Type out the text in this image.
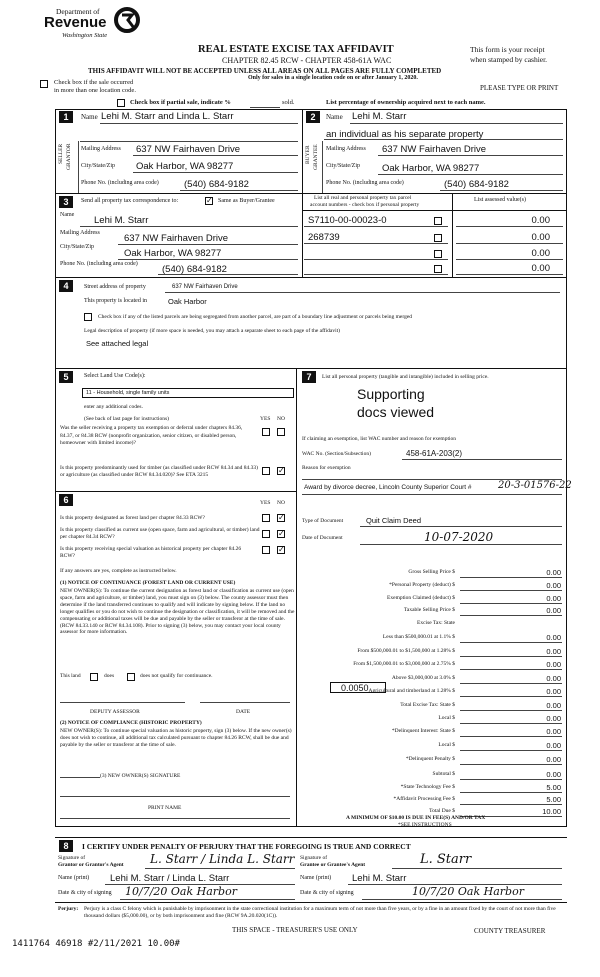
Department of
Revenue
Washington State
REAL ESTATE EXCISE TAX AFFIDAVIT
CHAPTER 82.45 RCW - CHAPTER 458-61A WAC
THIS AFFIDAVIT WILL NOT BE ACCEPTED UNLESS ALL AREAS ON ALL PAGES ARE FULLY COMPLETED
Only for sales in a single location code on or after January 1, 2020.
This form is your receipt
when stamped by cashier.
PLEASE TYPE OR PRINT
Check box if the sale occurred
in more than one location code.
Check box if partial sale, indicate %	sold.	List percentage of ownership acquired next to each name.
1	Name Lehi M. Starr and Linda L. Starr
SELLER GRANTOR Mailing Address 637 NW Fairhaven Drive
City/State/Zip Oak Harbor, WA 98277
Phone No. (including area code)	(540) 684-9182
2	Name Lehi M. Starr
an individual as his separate property
BUYER GRANTEE Mailing Address 637 NW Fairhaven Drive
City/State/Zip Oak Harbor, WA 98277
Phone No. (including area code)	(540) 684-9182
3	Send all property tax correspondence to:	✓ Same as Buyer/Grantee	List all real and personal property tax parcel
account numbers - check box if personal property
List assessed value(s)
Name Lehi M. Starr
Mailing Address	637 NW Fairhaven Drive
City/State/Zip
Oak Harbor, WA 98277
Phone No. (including area code)	(540) 684-9182
S7110-00-00023-0	0.00
268739	0.00
0.00
0.00
4	Street address of property	637 NW Fairhaven Drive
This property is located in	Oak Harbor
Check box if any of the listed parcels are being segregated from another parcel, are part of a boundary line adjustment or parcels being merged
Legal description of property (if more space is needed, you may attach a separate sheet to each page of the affidavit)
See attached legal
5	Select Land Use Code(s):
11 - Household, single family units
enter any additional codes.
(See back of last page for instructions)	YES NO
Was the seller receiving a property tax exemption or deferral under chapters 84.36, 84.37, or 84.38 RCW (nonprofit organization, senior citizen, or disabled person, homeowner with limited income)?
Is this property predominantly used for timber (as classified under RCW 84.34 and 84.33) or agriculture (as classified under RCW 84.34.020)? See ETA 3215	✓
6	YES NO
Is this property designated as forest land per chapter 84.33 RCW?	✓
Is this property classified as current use (open space, farm and agricultural, or timber) land per chapter 84.34 RCW?	✓
Is this property receiving special valuation as historical property per chapter 84.26 RCW?
✓
If any answers are yes, complete as instructed below.
(1) NOTICE OF CONTINUANCE (FOREST LAND OR CURRENT USE)
NEW OWNER(S): To continue the current designation as forest land or classification as current use (open space, farm and agriculture, or timber) land, you must sign on (3) below. The county assessor must then determine if the land transferred continues to qualify and will indicate by signing below. If the land no longer qualifies or you do not wish to continue the designation or classification, it will be removed and the compensating or additional taxes will be due and payable by the seller or transferor at the time of sale. (RCW 84.33.140 or RCW 84.34.108). Prior to signing (3) below, you may contact your local county assessor for more information.
This land	does	does not qualify for continuance.
DEPUTY ASSESSOR	DATE
(2) NOTICE OF COMPLIANCE (HISTORIC PROPERTY)
NEW OWNER(S): To continue special valuation as historic property, sign (3) below. If the new owner(s) does not wish to continue, all additional tax calculated pursuant to chapter 84.26 RCW, shall be due and payable by the seller or transferor at the time of sale.
(3) NEW OWNER(S) SIGNATURE
PRINT NAME
7	List all personal property (tangible and intangible) included in selling price.
Supporting
docs viewed
If claiming an exemption, list WAC number and reason for exemption
WAC No. (Section/Subsection)	458-61A-203(2)
Reason for exemption
Award by divorce decree, Lincoln County Superior Court #	20-3-01576-22
Type of Document	Quit Claim Deed
Date of Document	10-07-2020
Gross Selling Price $	0.00
*Personal Property (deduct) $	0.00
Exemption Claimed (deduct) $	0.00
Taxable Selling Price $	0.00
Excise Tax: State
Less than $500,000.01 at 1.1% $	0.00
From $500,000.01 to $1,500,000 at 1.28% $	0.00
From $1,500,000.01 to $3,000,000 at 2.75% $	0.00
Above $3,000,000 at 3.0% $	0.00
Agricultural and timberland at 1.28% $	0.00
Total Excise Tax: State $	0.00
Local $	0.00
*Delinquent Interest: State $	0.00
Local $	0.00
*Delinquent Penalty $	0.00
Subtotal $	0.00
*State Technology Fee $	5.00
*Affidavit Processing Fee $	5.00
Total Due $	10.00
0.0050
A MINIMUM OF $10.00 IS DUE IN FEE(S) AND/OR TAX
*SEE INSTRUCTIONS
8	I CERTIFY UNDER PENALTY OF PERJURY THAT THE FOREGOING IS TRUE AND CORRECT
Signature of
Grantor or Grantor's Agent L. Starr / Linda L. Starr Signature of
Grantee or Grantee's Agent	L. Starr
Name (print) Lehi M. Starr / Linda L. Starr	Name (print) Lehi M. Starr
Date & city of signing 10/7/20 Oak Harbor	Date & city of signing	10/7/20 Oak Harbor
Perjury: Perjury is a class C felony which is punishable by imprisonment in the state correctional institution for a maximum term of not more than five years, or by a fine in an amount fixed by the court of not more than five thousand dollars ($5,000.00), or by both imprisonment and fine (RCW 9A.20.020(1C)).
THIS SPACE - TREASURER'S USE ONLY	COUNTY TREASURER
1411764 46918 #2/11/2021 10.00#
